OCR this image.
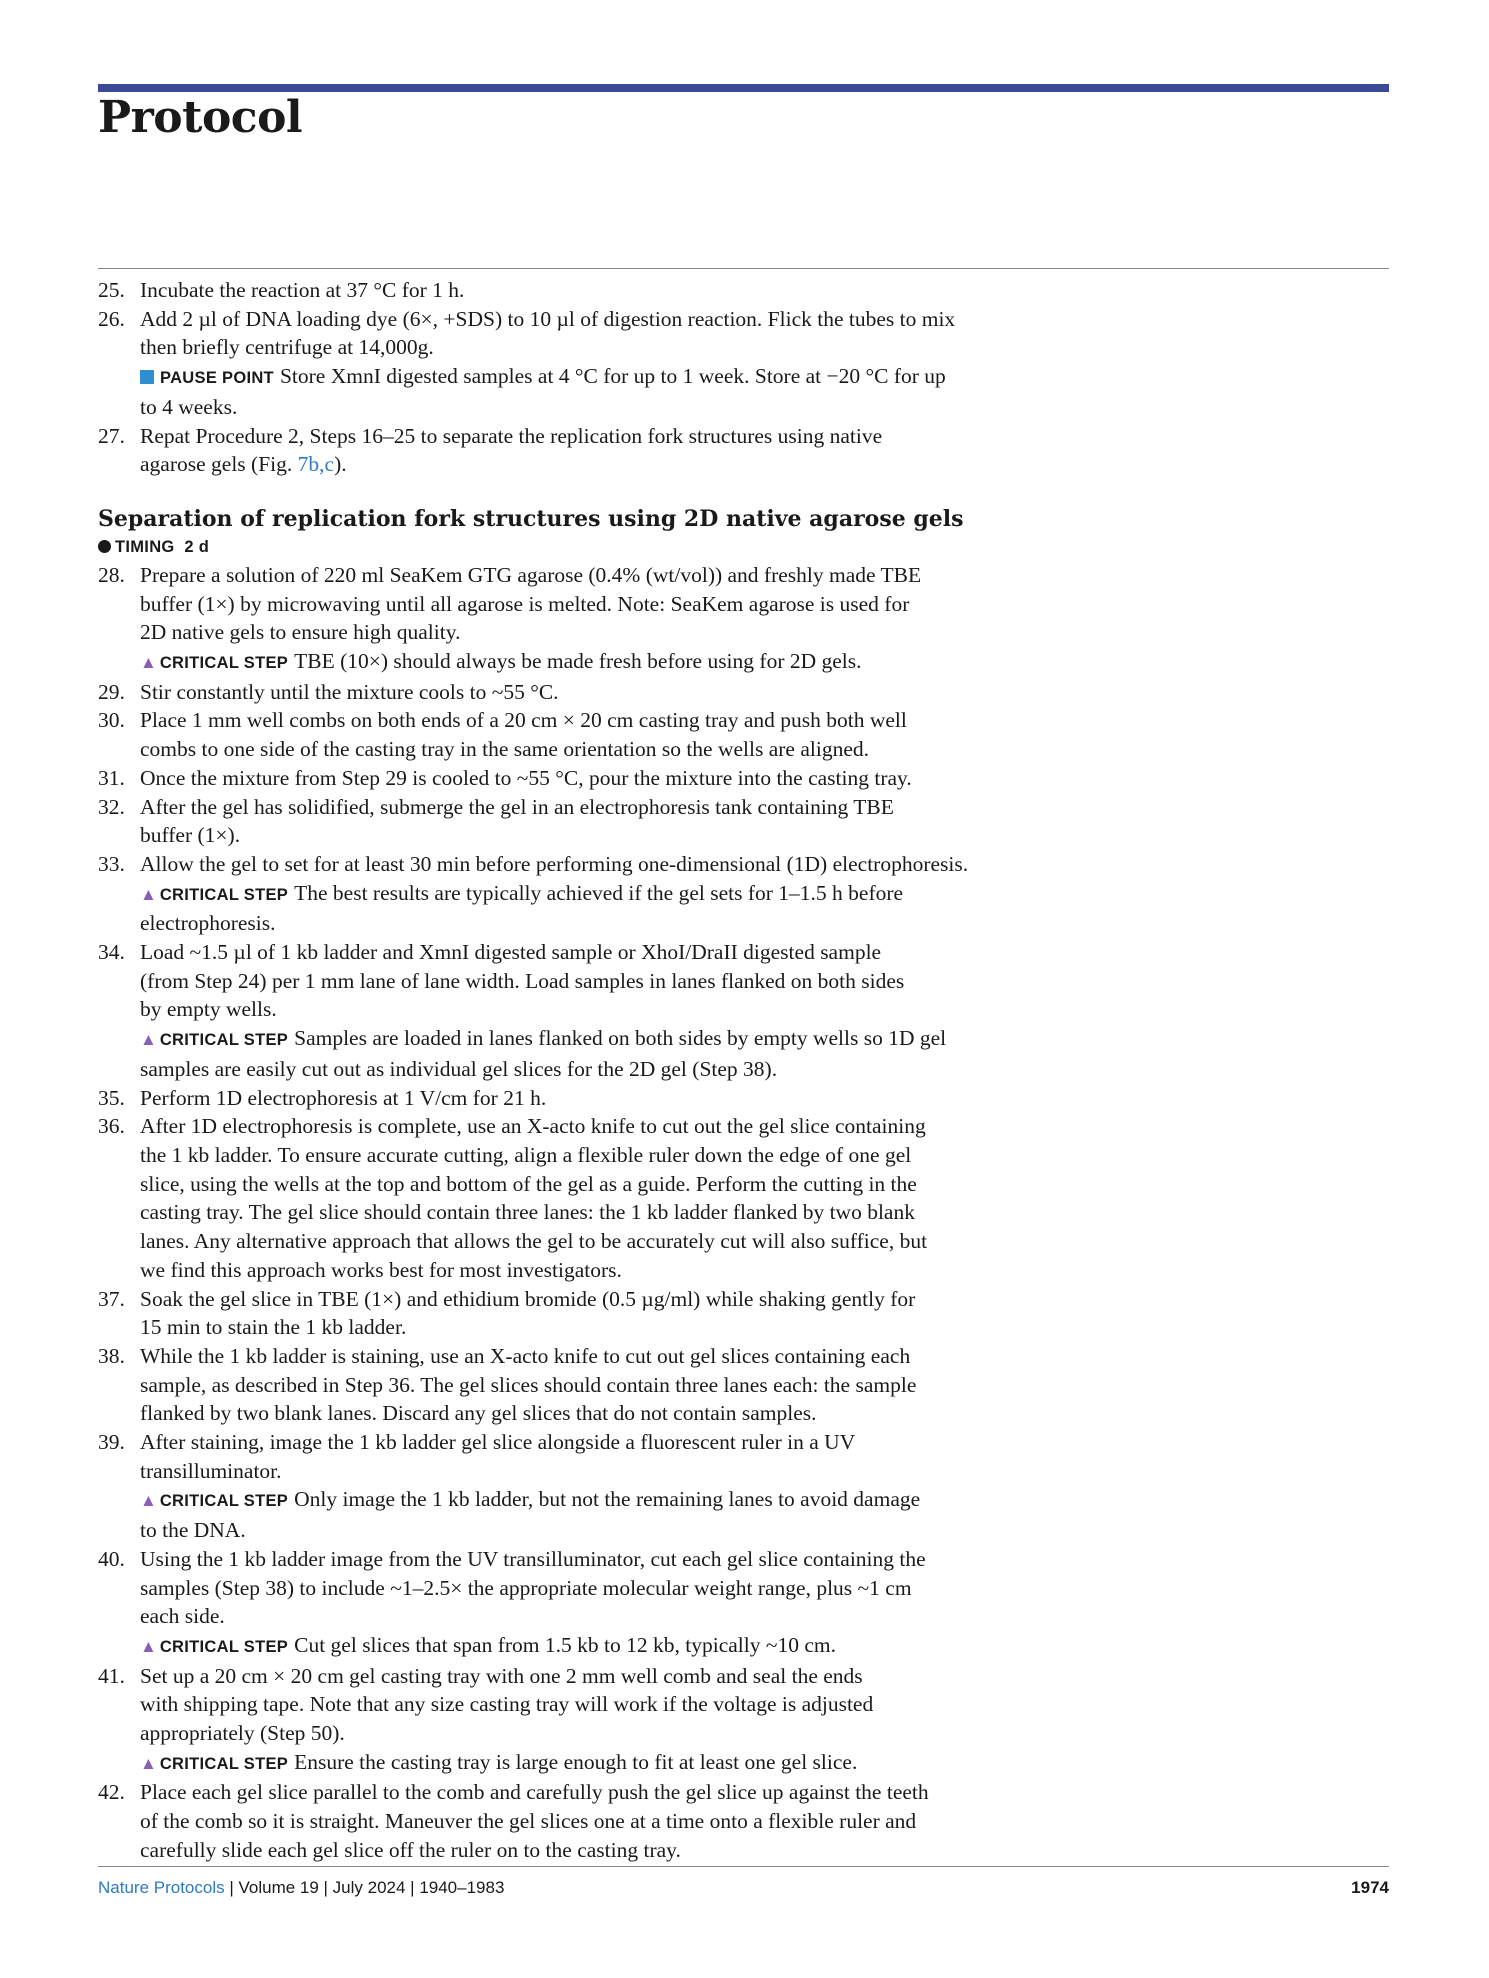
Protocol
25. Incubate the reaction at 37 °C for 1 h.
26. Add 2 µl of DNA loading dye (6×, +SDS) to 10 µl of digestion reaction. Flick the tubes to mix
then briefly centrifuge at 14,000g.
PAUSE POINT Store XmnI digested samples at 4 °C for up to 1 week. Store at −20 °C for up
to 4 weeks.
27. Repat Procedure 2, Steps 16–25 to separate the replication fork structures using native
agarose gels (Fig. 7b,c).
Separation of replication fork structures using 2D native agarose gels
TIMING 2 d
28. Prepare a solution of 220 ml SeaKem GTG agarose (0.4% (wt/vol)) and freshly made TBE
buffer (1×) by microwaving until all agarose is melted. Note: SeaKem agarose is used for
2D native gels to ensure high quality.
▲ CRITICAL STEP TBE (10×) should always be made fresh before using for 2D gels.
29. Stir constantly until the mixture cools to ~55 °C.
30. Place 1 mm well combs on both ends of a 20 cm × 20 cm casting tray and push both well
combs to one side of the casting tray in the same orientation so the wells are aligned.
31. Once the mixture from Step 29 is cooled to ~55 °C, pour the mixture into the casting tray.
32. After the gel has solidified, submerge the gel in an electrophoresis tank containing TBE
buffer (1×).
33. Allow the gel to set for at least 30 min before performing one-dimensional (1D) electrophoresis.
▲ CRITICAL STEP The best results are typically achieved if the gel sets for 1–1.5 h before
electrophoresis.
34. Load ~1.5 µl of 1 kb ladder and XmnI digested sample or XhoI/DraII digested sample
(from Step 24) per 1 mm lane of lane width. Load samples in lanes flanked on both sides
by empty wells.
▲ CRITICAL STEP Samples are loaded in lanes flanked on both sides by empty wells so 1D gel
samples are easily cut out as individual gel slices for the 2D gel (Step 38).
35. Perform 1D electrophoresis at 1 V/cm for 21 h.
36. After 1D electrophoresis is complete, use an X-acto knife to cut out the gel slice containing
the 1 kb ladder. To ensure accurate cutting, align a flexible ruler down the edge of one gel
slice, using the wells at the top and bottom of the gel as a guide. Perform the cutting in the
casting tray. The gel slice should contain three lanes: the 1 kb ladder flanked by two blank
lanes. Any alternative approach that allows the gel to be accurately cut will also suffice, but
we find this approach works best for most investigators.
37. Soak the gel slice in TBE (1×) and ethidium bromide (0.5 µg/ml) while shaking gently for
15 min to stain the 1 kb ladder.
38. While the 1 kb ladder is staining, use an X-acto knife to cut out gel slices containing each
sample, as described in Step 36. The gel slices should contain three lanes each: the sample
flanked by two blank lanes. Discard any gel slices that do not contain samples.
39. After staining, image the 1 kb ladder gel slice alongside a fluorescent ruler in a UV
transilluminator.
▲ CRITICAL STEP Only image the 1 kb ladder, but not the remaining lanes to avoid damage
to the DNA.
40. Using the 1 kb ladder image from the UV transilluminator, cut each gel slice containing the
samples (Step 38) to include ~1–2.5× the appropriate molecular weight range, plus ~1 cm
each side.
▲ CRITICAL STEP Cut gel slices that span from 1.5 kb to 12 kb, typically ~10 cm.
41. Set up a 20 cm × 20 cm gel casting tray with one 2 mm well comb and seal the ends
with shipping tape. Note that any size casting tray will work if the voltage is adjusted
appropriately (Step 50).
▲ CRITICAL STEP Ensure the casting tray is large enough to fit at least one gel slice.
42. Place each gel slice parallel to the comb and carefully push the gel slice up against the teeth
of the comb so it is straight. Maneuver the gel slices one at a time onto a flexible ruler and
carefully slide each gel slice off the ruler on to the casting tray.
Nature Protocols | Volume 19 | July 2024 | 1940–1983	1974
